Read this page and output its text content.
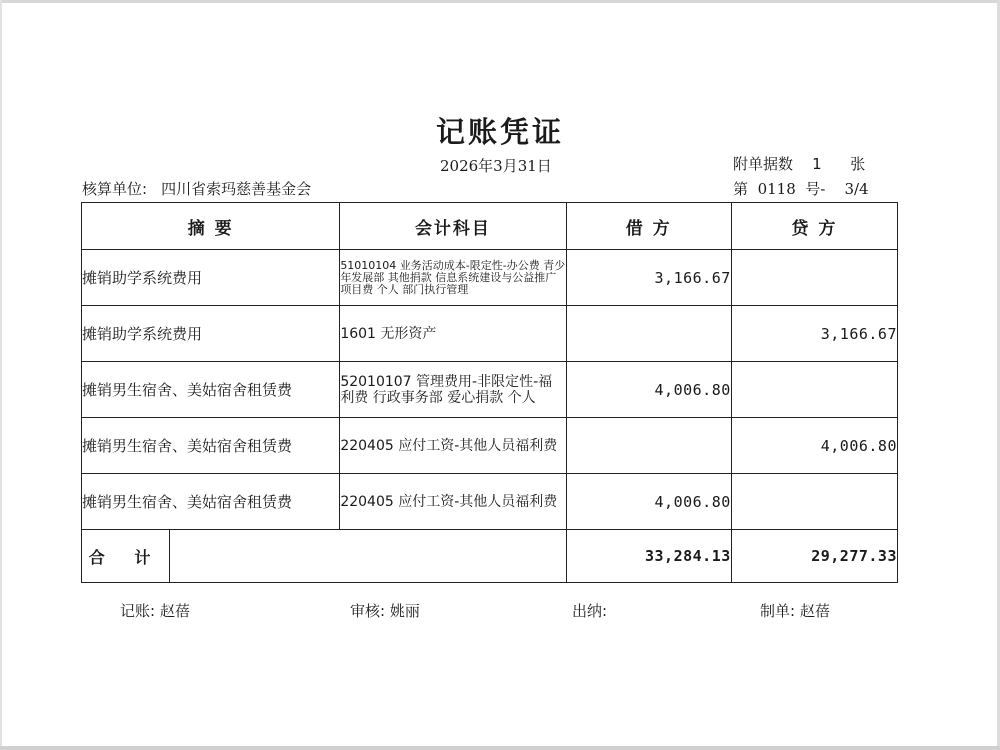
记账凭证
2026年3月31日	附单据数 1 张
核算单位: 四川省索玛慈善基金会	第 0118 号- 3/4
摘 要		会计科目	借 方	贷 方
摊销助学系统费用		51010104 业务活动成本-限定性-办公费 青少年发展部 其他捐款 信息系统建设与公益推广 项目费 个人 部门执行管理	3,166.67	
摊销助学系统费用		1601 无形资产		3,166.67
摊销男生宿舍、美姑宿舍租赁费		52010107 管理费用-非限定性-福利费 行政事务部 爱心捐款 个人	4,006.80	
摊销男生宿舍、美姑宿舍租赁费		220405 应付工资-其他人员福利费		4,006.80
摊销男生宿舍、美姑宿舍租赁费		220405 应付工资-其他人员福利费	4,006.80	
合 计			33,284.13	29,277.33
记账: 赵蓓	审核: 姚丽	出纳:	制单: 赵蓓
